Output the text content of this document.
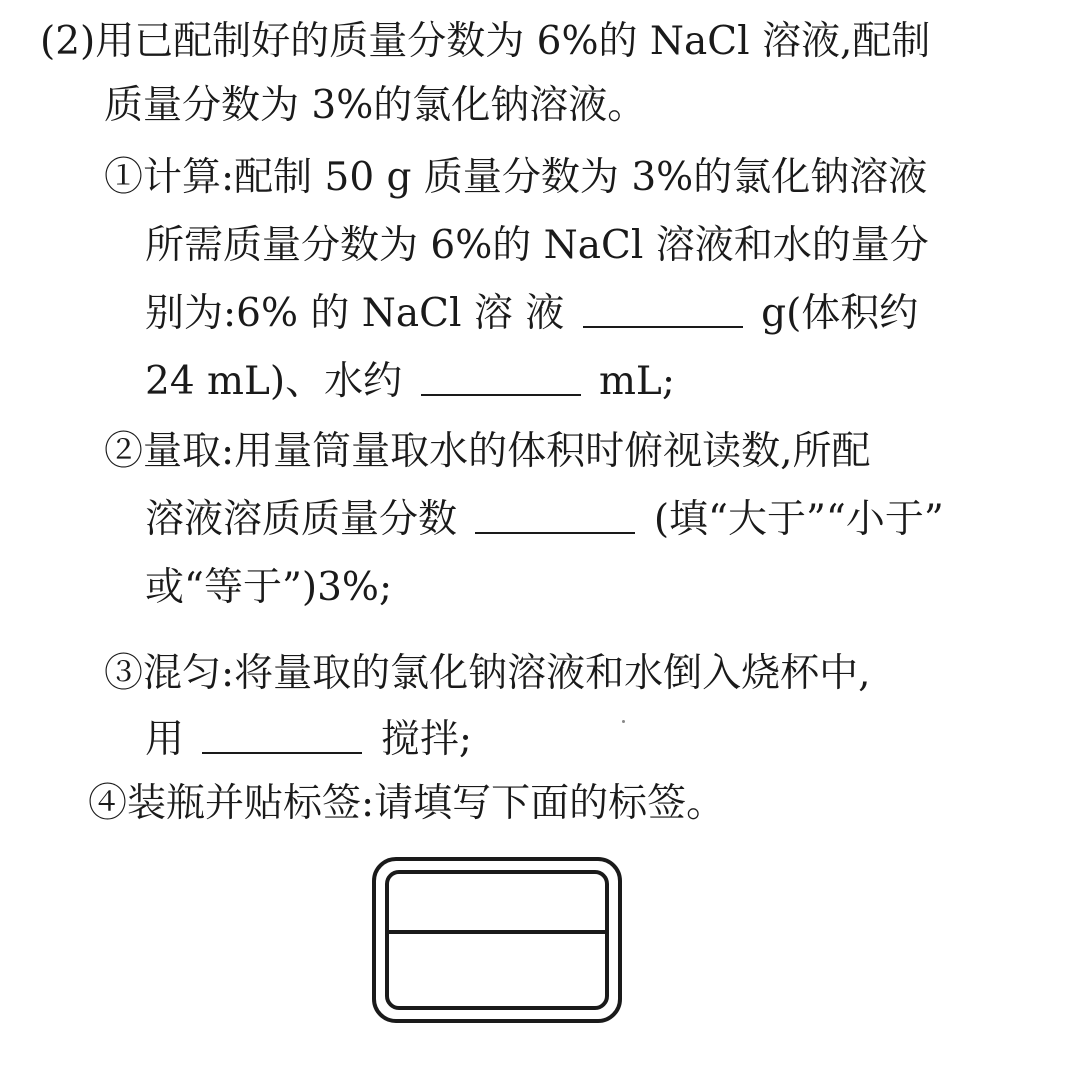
(2)用已配制好的质量分数为 6%的 NaCl 溶液,配制
质量分数为 3%的氯化钠溶液。
①计算:配制 50 g 质量分数为 3%的氯化钠溶液
所需质量分数为 6%的 NaCl 溶液和水的量分
别为:6% 的 NaCl 溶 液	g(体积约
24 mL)、水约	mL;
②量取:用量筒量取水的体积时俯视读数,所配
溶液溶质质量分数	(填“大于”“小于”
或“等于”)3%;
③混匀:将量取的氯化钠溶液和水倒入烧杯中,
用	搅拌;
④装瓶并贴标签:请填写下面的标签。
